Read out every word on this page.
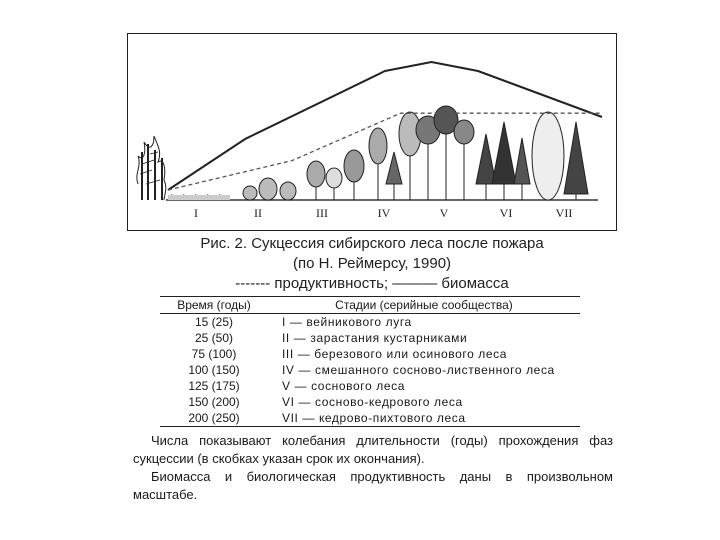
I	II	III	IV	V	VI	VII
Рис. 2. Сукцессия сибирского леса после пожара
(по Н. Реймерсу, 1990)
------- продуктивность; ——— биомасса
Время (годы)	Стадии (серийные сообщества)
15 (25)	I — вейникового луга
25 (50)	II — зарастания кустарниками
75 (100)	III — березового или осинового леса
100 (150)	IV — смешанного сосново-лиственного леса
125 (175)	V — соснового леса
150 (200)	VI — сосново-кедрового леса
200 (250)	VII — кедрово-пихтового леса

Числа показывают колебания длительности (годы) прохождения фаз сукцессии (в скобках указан срок их окончания).

Биомасса и биологическая продуктивность даны в произвольном масштабе.
